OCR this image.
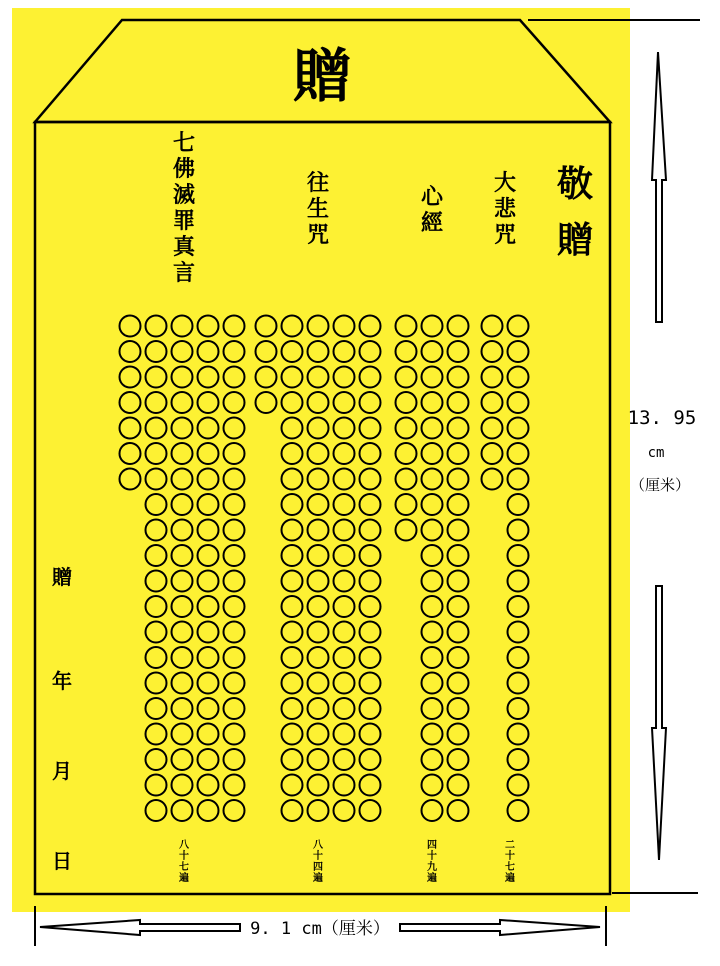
贈
七
佛
滅
罪
真
言
八
十
七
遍
往
生
咒
八
十
四
遍
心
經
四
十
九
遍
大
悲
咒
二
十
七
遍
敬
贈
贈
年
月
日
13. 95
cm
（厘米）
9. 1 cm（厘米）
